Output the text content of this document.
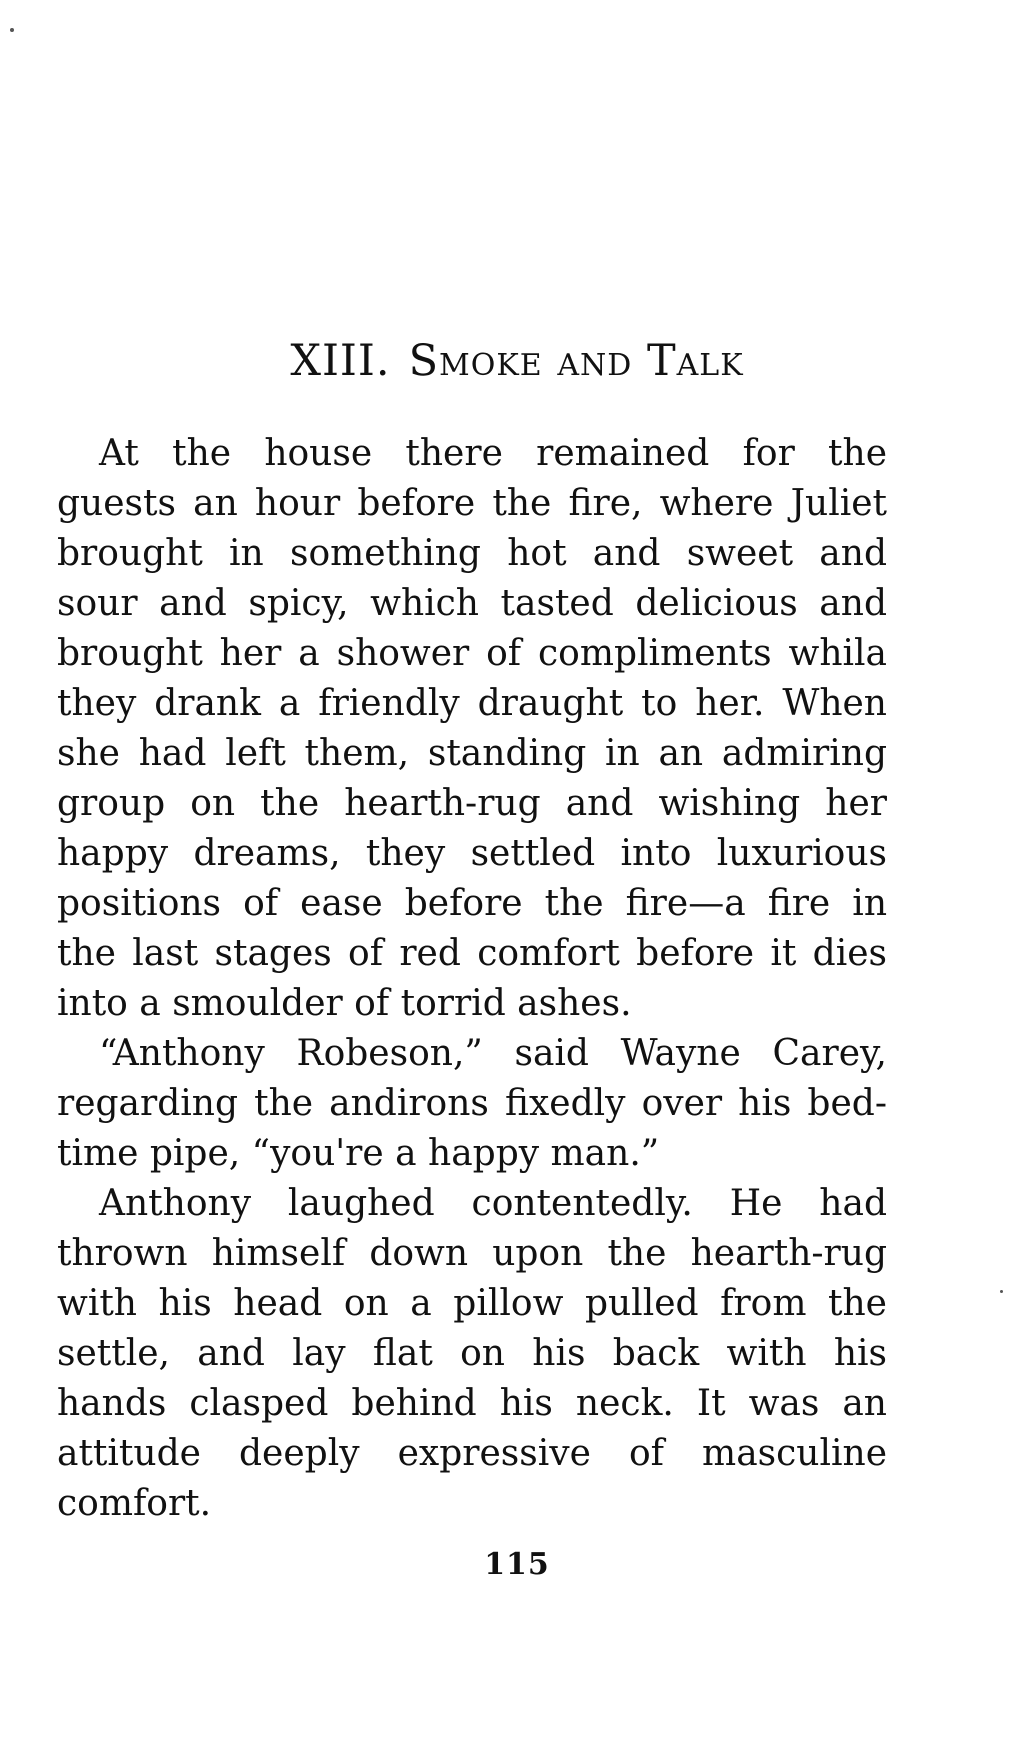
XIII. Smoke and Talk

At the house there remained for the
guests an hour before the fire, where Juliet
brought in something hot and sweet and
sour and spicy, which tasted delicious and
brought her a shower of compliments whila
they drank a friendly draught to her. When
she had left them, standing in an admiring
group on the hearth-rug and wishing her
happy dreams, they settled into luxurious
positions of ease before the fire—a fire in
the last stages of red comfort before it dies
into a smoulder of torrid ashes.

“Anthony Robeson,” said Wayne Carey,
regarding the andirons fixedly over his bed-
time pipe, “you're a happy man.”

Anthony laughed contentedly. He had
thrown himself down upon the hearth-rug
with his head on a pillow pulled from the
settle, and lay flat on his back with his
hands clasped behind his neck. It was an
attitude deeply expressive of masculine
comfort.

115
